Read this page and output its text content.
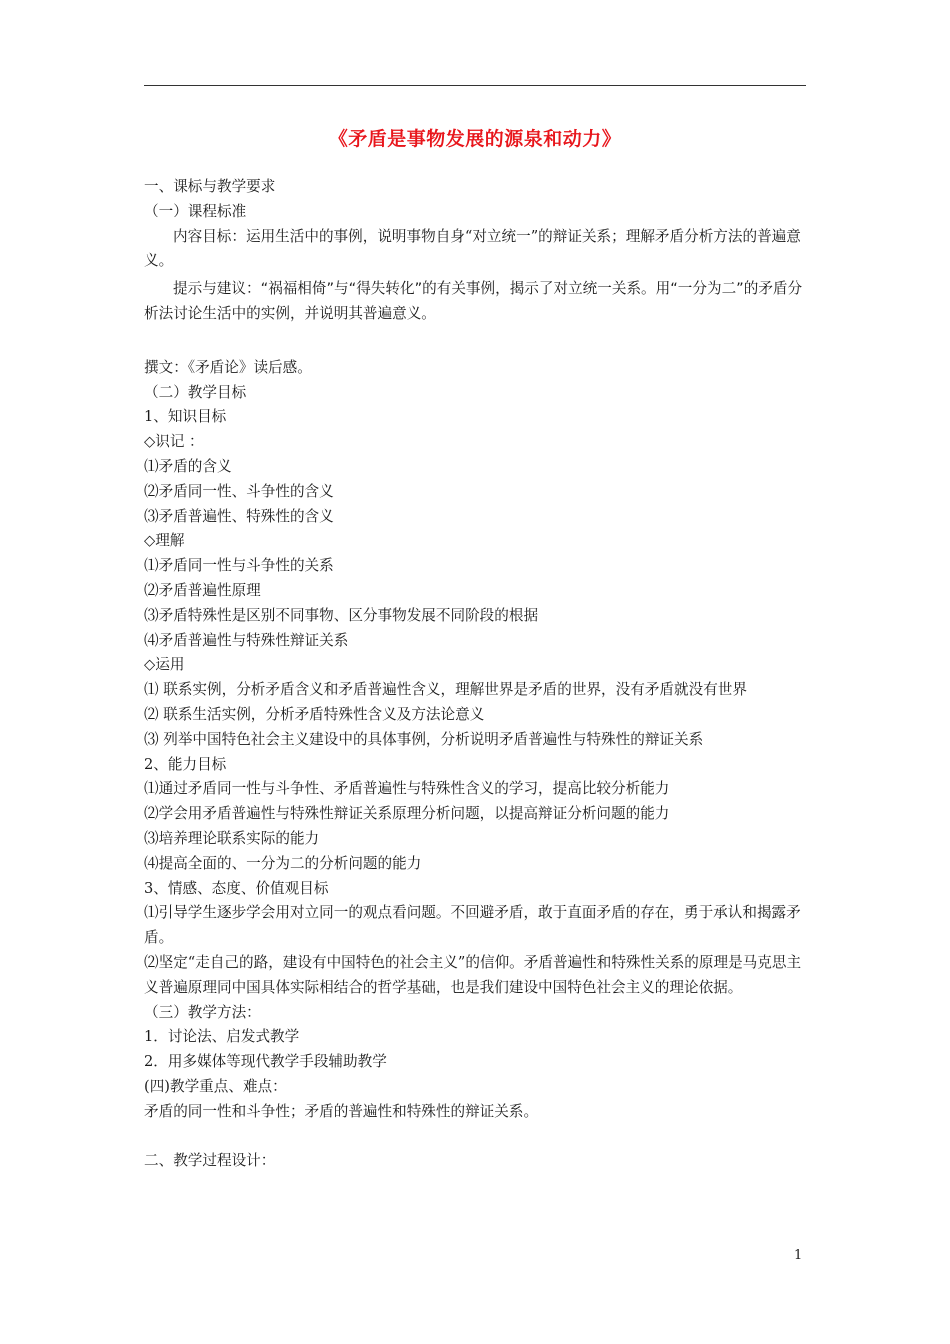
《矛盾是事物发展的源泉和动力》
一、课标与教学要求
（一）课程标准
内容目标：运用生活中的事例，说明事物自身“对立统一”的辩证关系；理解矛盾分析方法的普遍意义。
提示与建议：“祸福相倚”与“得失转化”的有关事例，揭示了对立统一关系。用“一分为二”的矛盾分析法讨论生活中的实例，并说明其普遍意义。
撰文：《矛盾论》读后感。
（二）教学目标
1、知识目标
◇识记 ：
⑴矛盾的含义
⑵矛盾同一性、斗争性的含义
⑶矛盾普遍性、特殊性的含义
◇理解
⑴矛盾同一性与斗争性的关系
⑵矛盾普遍性原理
⑶矛盾特殊性是区别不同事物、区分事物发展不同阶段的根据
⑷矛盾普遍性与特殊性辩证关系
◇运用
⑴ 联系实例，分析矛盾含义和矛盾普遍性含义，理解世界是矛盾的世界，没有矛盾就没有世界
⑵ 联系生活实例，分析矛盾特殊性含义及方法论意义
⑶ 列举中国特色社会主义建设中的具体事例，分析说明矛盾普遍性与特殊性的辩证关系
2、能力目标
⑴通过矛盾同一性与斗争性、矛盾普遍性与特殊性含义的学习，提高比较分析能力
⑵学会用矛盾普遍性与特殊性辩证关系原理分析问题，以提高辩证分析问题的能力
⑶培养理论联系实际的能力
⑷提高全面的、一分为二的分析问题的能力
3、情感、态度、价值观目标
⑴引导学生逐步学会用对立同一的观点看问题。不回避矛盾，敢于直面矛盾的存在，勇于承认和揭露矛盾。
⑵坚定“走自己的路，建设有中国特色的社会主义”的信仰。矛盾普遍性和特殊性关系的原理是马克思主义普遍原理同中国具体实际相结合的哲学基础，也是我们建设中国特色社会主义的理论依据。
（三）教学方法：
1．讨论法、启发式教学
2．用多媒体等现代教学手段辅助教学
(四)教学重点、难点：
矛盾的同一性和斗争性；矛盾的普遍性和特殊性的辩证关系。
二、教学过程设计：
1
